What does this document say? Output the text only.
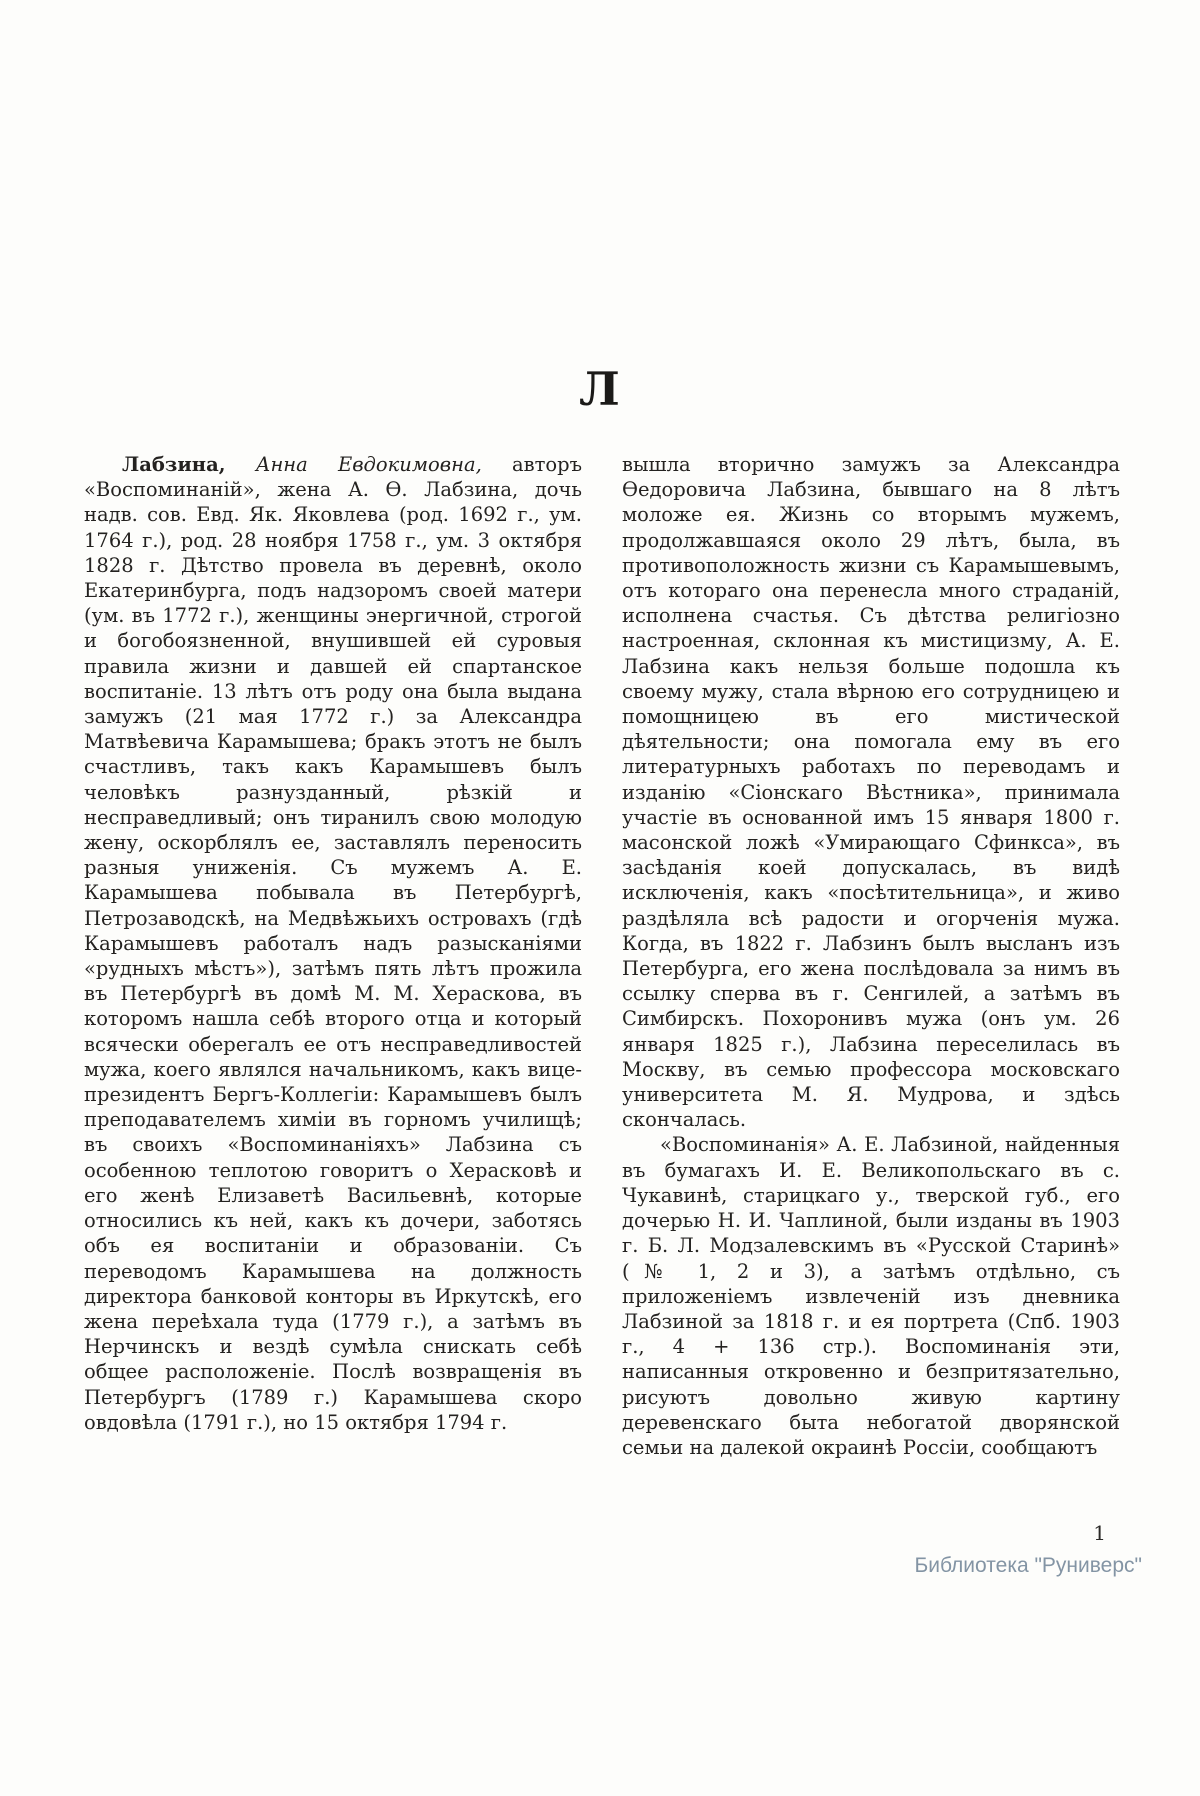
Л

Лабзина, Анна Евдокимовна, авторъ «Воспоминаній», жена А. Ѳ. Лабзина, дочь надв. сов. Евд. Як. Яковлева (род. 1692 г., ум. 1764 г.), род. 28 ноября 1758 г., ум. 3 октября 1828 г. Дѣтство провела въ деревнѣ, около Екатеринбурга, подъ надзоромъ своей матери (ум. въ 1772 г.), женщины энергичной, строгой и богобоязненной, внушившей ей суровыя правила жизни и давшей ей спартанское воспитаніе. 13 лѣтъ отъ роду она была выдана замужъ (21 мая 1772 г.) за Александра Матвѣевича Карамышева; бракъ этотъ не былъ счастливъ, такъ какъ Карамышевъ былъ человѣкъ разнузданный, рѣзкій и несправедливый; онъ тиранилъ свою молодую жену, оскорблялъ ее, заставлялъ переносить разныя униженія. Съ мужемъ А. Е. Карамышева побывала въ Петербургѣ, Петрозаводскѣ, на Медвѣжьихъ островахъ (гдѣ Карамышевъ работалъ надъ разысканіями «рудныхъ мѣстъ»), затѣмъ пять лѣтъ прожила въ Петербургѣ въ домѣ М. М. Хераскова, въ которомъ нашла себѣ второго отца и который всячески оберегалъ ее отъ несправедливостей мужа, коего являлся начальникомъ, какъ вице-президентъ Бергъ-Коллегіи: Карамышевъ былъ преподавателемъ химіи въ горномъ училищѣ; въ своихъ «Воспоминаніяхъ» Лабзина съ особенною теплотою говоритъ о Херасковѣ и его женѣ Елизаветѣ Васильевнѣ, которые относились къ ней, какъ къ дочери, заботясь объ ея воспитаніи и образованіи. Съ переводомъ Карамышева на должность директора банковой конторы въ Иркутскѣ, его жена переѣхала туда (1779 г.), а затѣмъ въ Нерчинскъ и вездѣ сумѣла снискать себѣ общее расположеніе. Послѣ возвращенія въ Петербургъ (1789 г.) Карамышева скоро овдовѣла (1791 г.), но 15 октября 1794 г.

вышла вторично замужъ за Александра Ѳедоровича Лабзина, бывшаго на 8 лѣтъ моложе ея. Жизнь со вторымъ мужемъ, продолжавшаяся около 29 лѣтъ, была, въ противоположность жизни съ Карамышевымъ, отъ котораго она перенесла много страданій, исполнена счастья. Съ дѣтства религіозно настроенная, склонная къ мистицизму, А. Е. Лабзина какъ нельзя больше подошла къ своему мужу, стала вѣрною его сотрудницею и помощницею въ его мистической дѣятельности; она помогала ему въ его литературныхъ работахъ по переводамъ и изданію «Сіонскаго Вѣстника», принимала участіе въ основанной имъ 15 января 1800 г. масонской ложѣ «Умирающаго Сфинкса», въ засѣданія коей допускалась, въ видѣ исключенія, какъ «посѣтительница», и живо раздѣляла всѣ радости и огорченія мужа. Когда, въ 1822 г. Лабзинъ былъ высланъ изъ Петербурга, его жена послѣдовала за нимъ въ ссылку сперва въ г. Сенгилей, а затѣмъ въ Симбирскъ. Похоронивъ мужа (онъ ум. 26 января 1825 г.), Лабзина переселилась въ Москву, въ семью профессора московскаго университета М. Я. Мудрова, и здѣсь скончалась.

«Воспоминанія» А. Е. Лабзиной, найденныя въ бумагахъ И. Е. Великопольскаго въ с. Чукавинѣ, старицкаго у., тверской губ., его дочерью Н. И. Чаплиной, были изданы въ 1903 г. Б. Л. Модзалевскимъ въ «Русской Старинѣ» (№ 1, 2 и 3), а затѣмъ отдѣльно, съ приложеніемъ извлеченій изъ дневника Лабзиной за 1818 г. и ея портрета (Спб. 1903 г., 4 + 136 стр.). Воспоминанія эти, написанныя откровенно и безпритязательно, рисуютъ довольно живую картину деревенскаго быта небогатой дворянской семьи на далекой окраинѣ Россіи, сообщаютъ

1
Библиотека "Руниверс"
